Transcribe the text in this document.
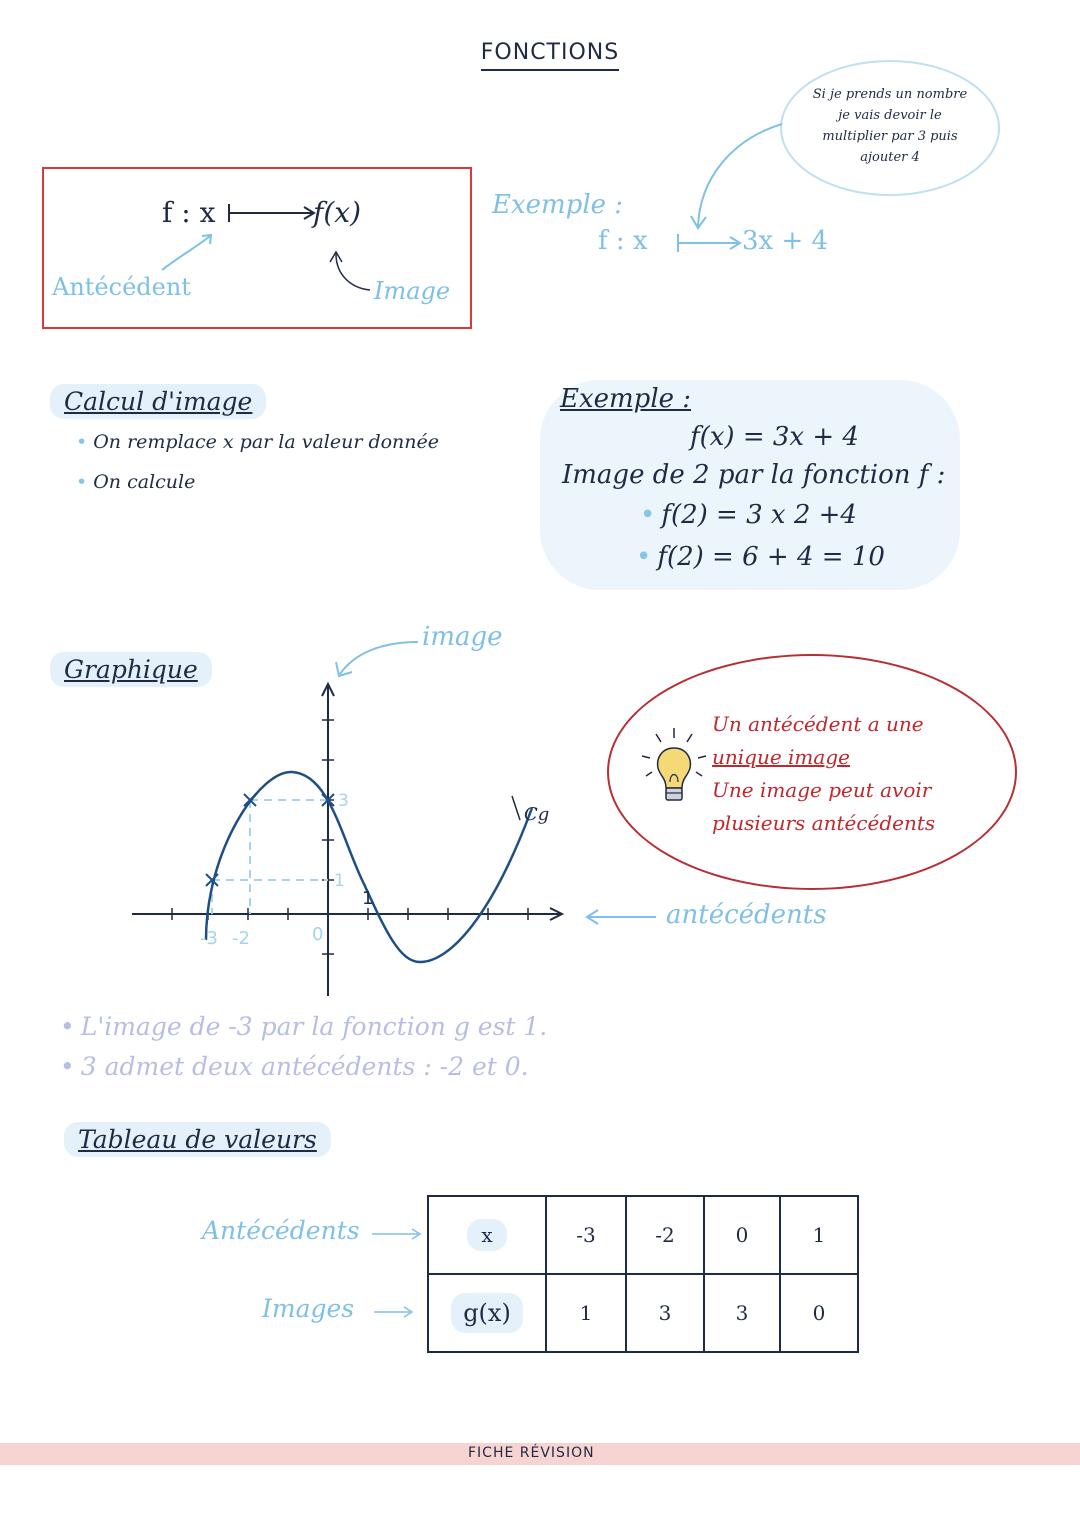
FONCTIONS
Si je prends un nombre je vais devoir le multiplier par 3 puis ajouter 4
f : x	f(x)
Antécédent	Image
Exemple :
f : x	3x + 4
Calcul d'image
• On remplace x par la valeur donnée
• On calcule
Exemple :
f(x) = 3x + 4
Image de 2 par la fonction f :
• f(2) = 3 x 2 +4
• f(2) = 6 + 4 = 10
Graphique
image
3
1
1
-3 -2	0
Cg
antécédents
• L'image de -3 par la fonction g est 1.
• 3 admet deux antécédents : -2 et 0.
Un antécédent a une
unique image
Une image peut avoir
plusieurs antécédents
Tableau de valeurs
Antécédents
Images
x	-3	-2	0	1
g(x)	1	3	3	0
FICHE RÉVISION
